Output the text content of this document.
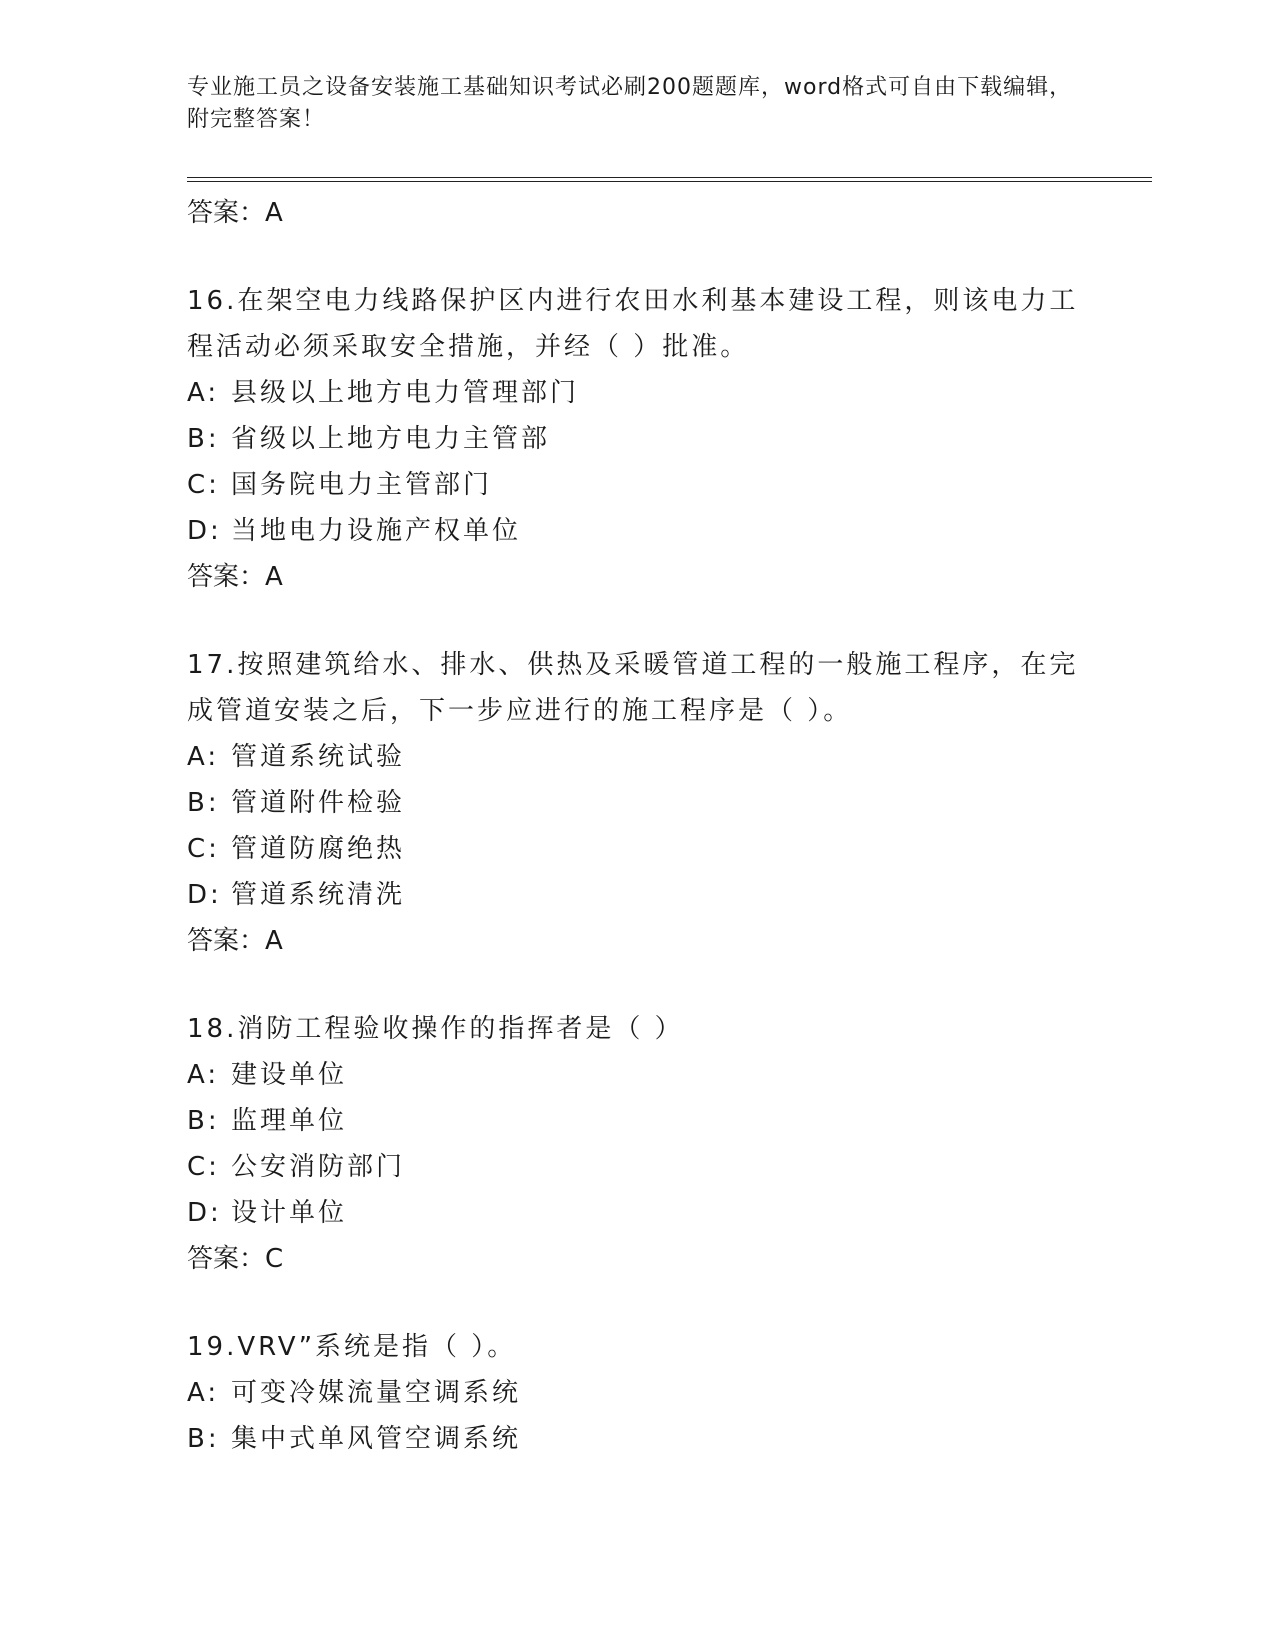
专业施工员之设备安装施工基础知识考试必刷200题题库，word格式可自由下载编辑，附完整答案！

答案：A

16.在架空电力线路保护区内进行农田水利基本建设工程，则该电力工程活动必须采取安全措施，并经（ ）批准。

A: 县级以上地方电力管理部门

B: 省级以上地方电力主管部

C: 国务院电力主管部门

D: 当地电力设施产权单位

答案：A

17.按照建筑给水、排水、供热及采暖管道工程的一般施工程序，在完成管道安装之后，下一步应进行的施工程序是（ ）。

A: 管道系统试验

B: 管道附件检验

C: 管道防腐绝热

D: 管道系统清洗

答案：A

18.消防工程验收操作的指挥者是（ ）

A: 建设单位

B: 监理单位

C: 公安消防部门

D: 设计单位

答案：C

19.VRV”系统是指（ ）。

A: 可变冷媒流量空调系统

B: 集中式单风管空调系统
